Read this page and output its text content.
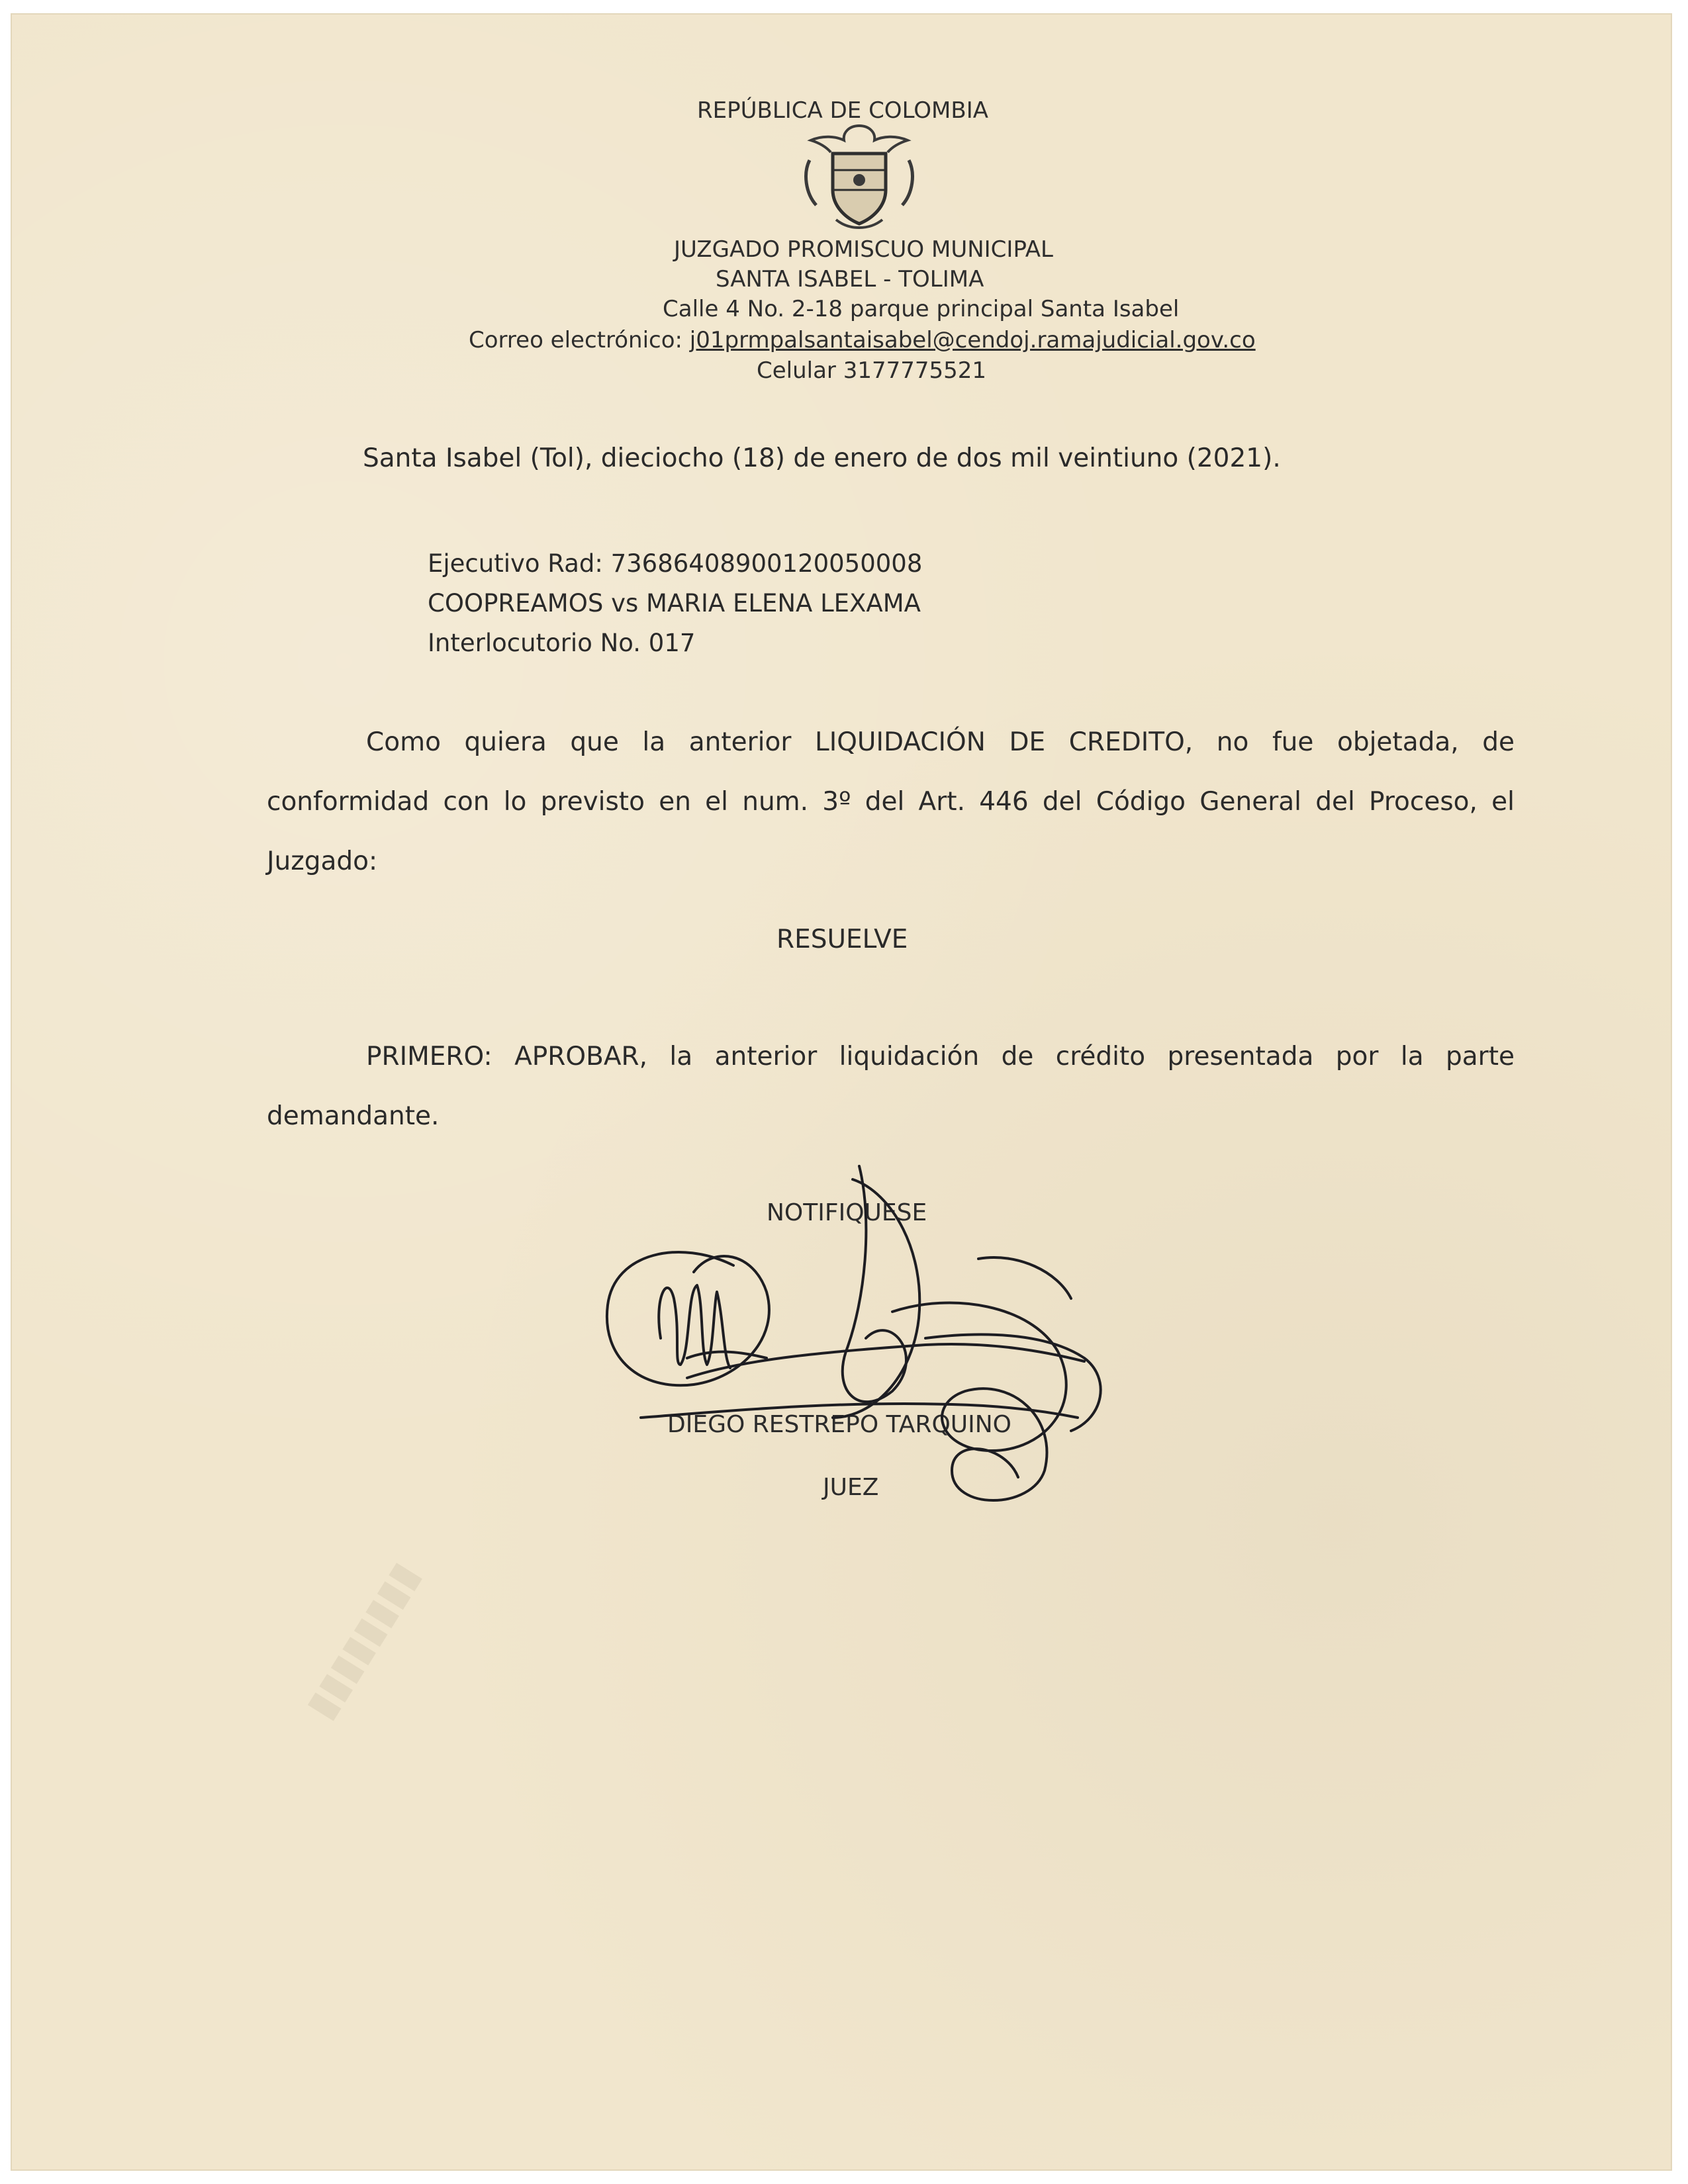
REPÚBLICA DE COLOMBIA
JUZGADO PROMISCUO MUNICIPAL
SANTA ISABEL - TOLIMA
Calle 4 No. 2-18 parque principal Santa Isabel
Correo electrónico: j01prmpalsantaisabel@cendoj.ramajudicial.gov.co
Celular 3177775521
Santa Isabel (Tol), dieciocho (18) de enero de dos mil veintiuno (2021).
Ejecutivo Rad: 73686408900120050008
COOPREAMOS vs MARIA ELENA LEXAMA
Interlocutorio No. 017
Como quiera que la anterior LIQUIDACIÓN DE CREDITO, no fue objetada, de conformidad con lo previsto en el num. 3º del Art. 446 del Código General del Proceso, el Juzgado:
RESUELVE
PRIMERO: APROBAR, la anterior liquidación de crédito presentada por la parte demandante.
NOTIFIQUESE
DIEGO RESTREPO TARQUINO
JUEZ
▮▮▮▮▮▮▮▮
